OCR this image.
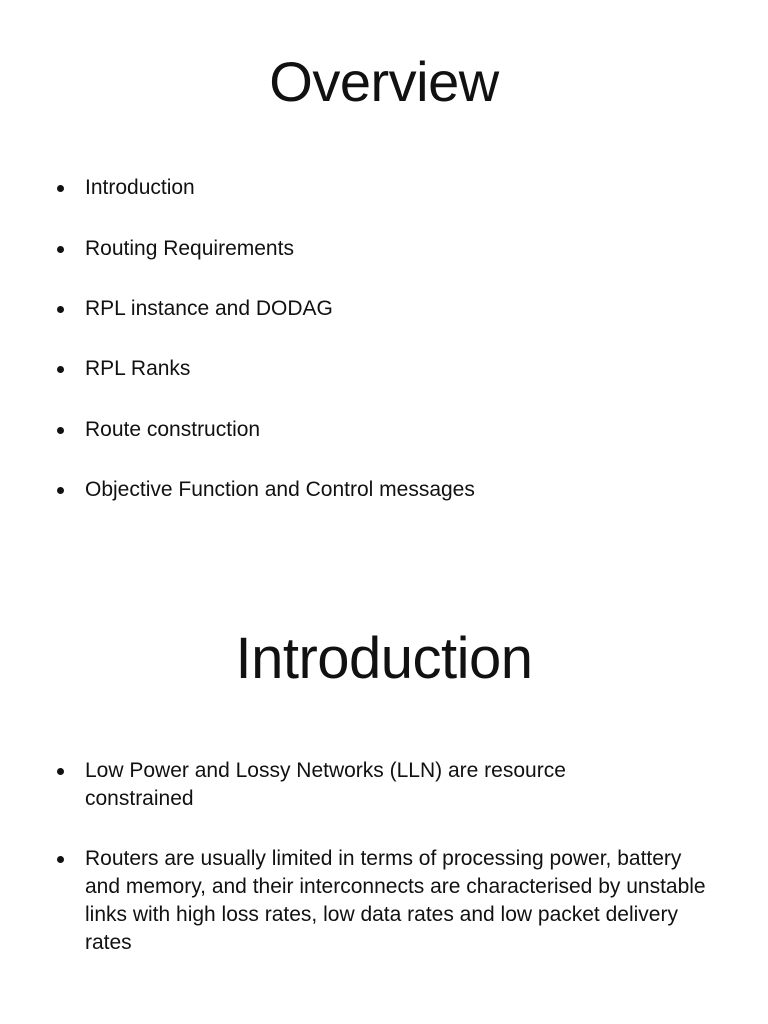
Overview
Introduction
Routing Requirements
RPL instance and DODAG
RPL Ranks
Route construction
Objective Function and Control messages
Introduction
Low Power and Lossy Networks (LLN) are resource constrained
Routers are usually limited in terms of processing power, battery and memory, and their interconnects are characterised by unstable links with high loss rates, low data rates and low packet delivery rates
